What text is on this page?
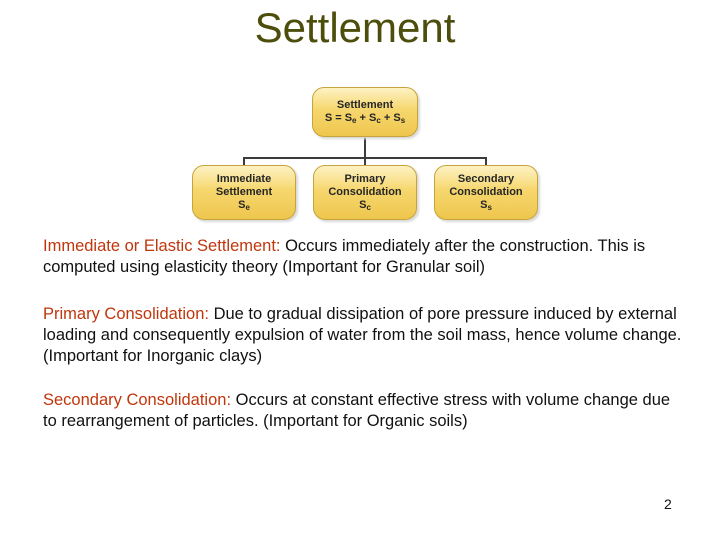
Settlement
Settlement
$S = S_e + S_c + S_s$
Immediate
Settlement
$S_e$
Primary
Consolidation
$S_c$
Secondary
Consolidation
$S_s$
Immediate or Elastic Settlement: Occurs immediately after the construction. This is computed using elasticity theory (Important for Granular soil)
Primary Consolidation: Due to gradual dissipation of pore pressure induced by external loading and consequently expulsion of water from the soil mass, hence volume change. (Important for Inorganic clays)
Secondary Consolidation: Occurs at constant effective stress with volume change due to rearrangement of particles. (Important for Organic soils)
2
